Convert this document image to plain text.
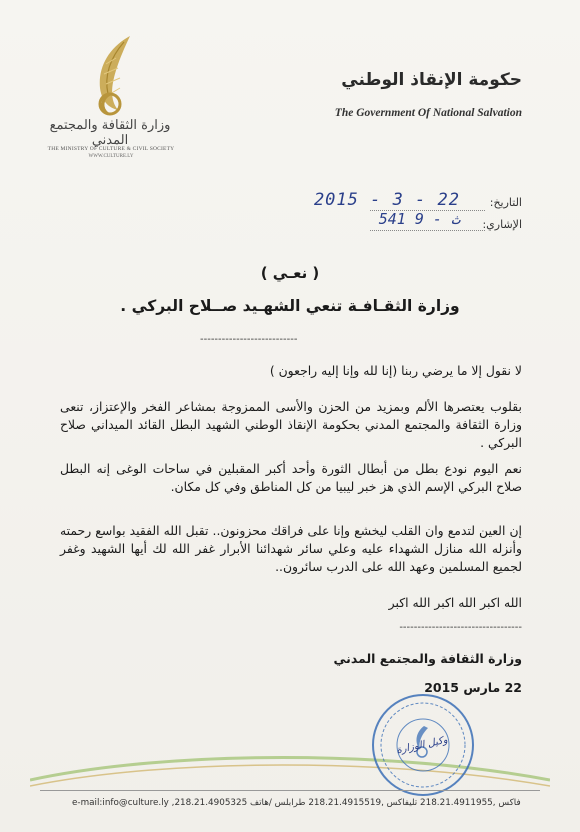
وزارة الثقافة والمجتمع المدني
THE MINISTRY OF CULTURE & CIVIL SOCIETY
WWW.CULTURE.LY
حكومة الإنقاذ الوطني
The Government Of National Salvation
التاريخ:
2015 - 3 - 22
الإشاري:
541 ث - 9
( نعـي )
وزارة الثقـافـة تنعي الشهـيد صــلاح البركي .
---------------------------
لا نقول إلا ما يرضي ربنا (إنا لله وإنا إليه راجعون )
بقلوب يعتصرها الألم وبمزيد من الحزن والأسى الممزوجة بمشاعر الفخر والإعتزاز، تنعى وزارة الثقافة والمجتمع المدني بحكومة الإنقاذ الوطني الشهيد البطل القائد الميداني صلاح البركي .
نعم اليوم نودع بطل من أبطال الثورة وأحد أكبر المقبلين في ساحات الوغى إنه البطل صلاح البركي الإسم الذي هز خبر ليبيا من كل المناطق وفي كل مكان.
إن العين لتدمع وان القلب ليخشع وإنا على فراقك محزونون.. تقبل الله الفقيد بواسع رحمته وأنزله الله منازل الشهداء عليه وعلي سائر شهدائنا الأبرار غفر الله لك أيها الشهيد وغفر لجميع المسلمين وعهد الله على الدرب سائرون..
الله اكبر الله اكبر الله اكبر
----------------------------------
وزارة الثقافة والمجتمع المدني
22 مارس 2015
وكيل الوزارة
e-mail:info@culture.ly ,218.21.4905325 فاكس ,218.21.4911955 تليفاكس ,218.21.4915519 طرابلس /هاتف
